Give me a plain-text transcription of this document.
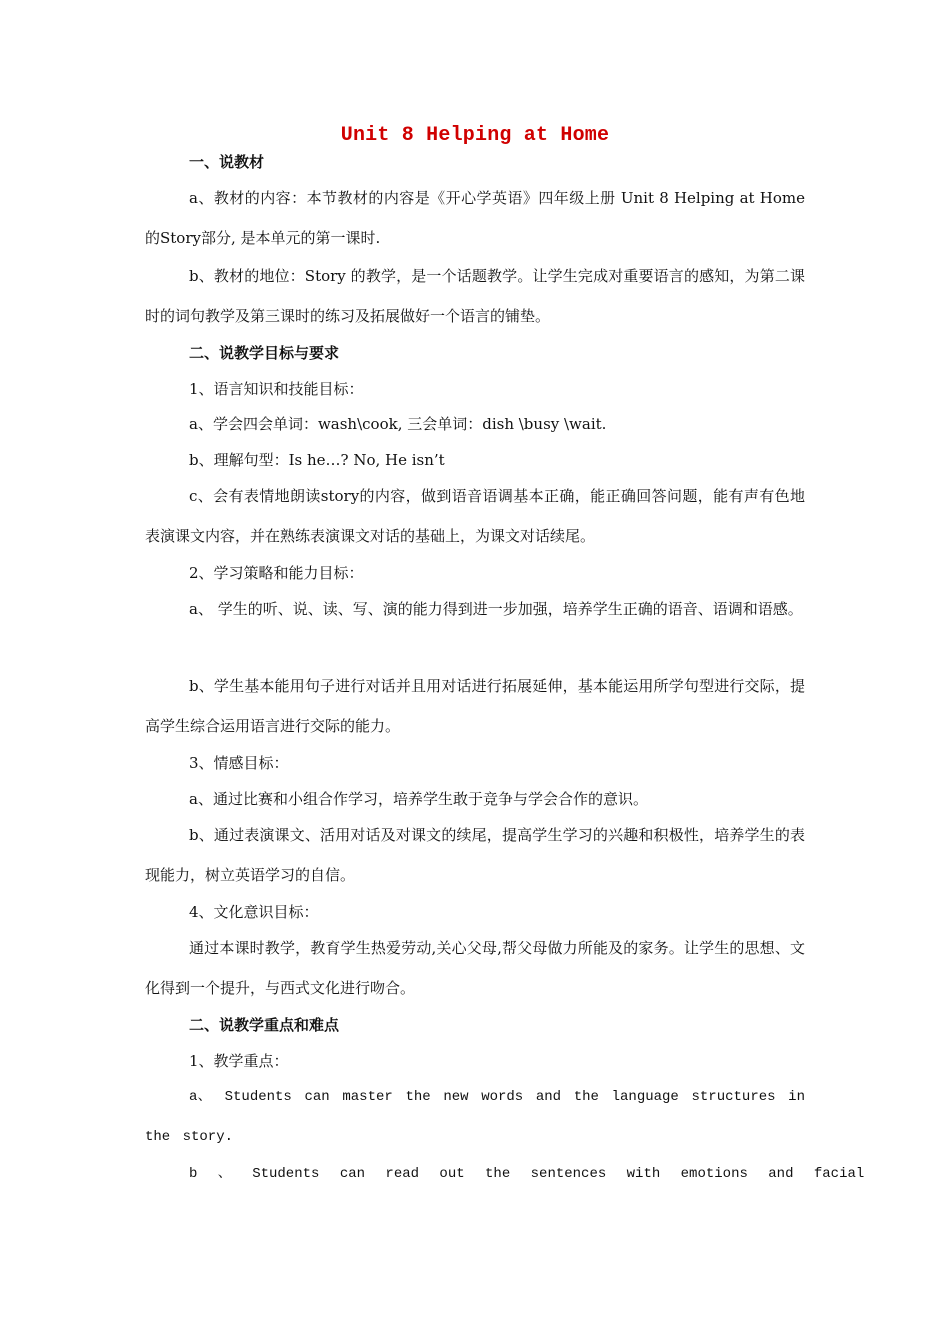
Unit 8 Helping at Home

一、说教材

a、教材的内容：本节教材的内容是《开心学英语》四年级上册 Unit 8 Helping at Home的Story部分, 是本单元的第一课时.

b、教材的地位：Story 的教学，是一个话题教学。让学生完成对重要语言的感知，为第二课时的词句教学及第三课时的练习及拓展做好一个语言的铺垫。

二、说教学目标与要求

1、语言知识和技能目标：

a、学会四会单词：wash\cook, 三会单词：dish \busy \wait.

b、理解句型：Is he…? No, He isn’t

c、会有表情地朗读story的内容，做到语音语调基本正确，能正确回答问题，能有声有色地表演课文内容，并在熟练表演课文对话的基础上，为课文对话续尾。

2、学习策略和能力目标：

a、 学生的听、说、读、写、演的能力得到进一步加强，培养学生正确的语音、语调和语感。

b、学生基本能用句子进行对话并且用对话进行拓展延伸，基本能运用所学句型进行交际，提高学生综合运用语言进行交际的能力。

3、情感目标：

a、通过比赛和小组合作学习，培养学生敢于竞争与学会合作的意识。

b、通过表演课文、活用对话及对课文的续尾，提高学生学习的兴趣和积极性，培养学生的表现能力，树立英语学习的自信。

4、文化意识目标：

通过本课时教学，教育学生热爱劳动,关心父母,帮父母做力所能及的家务。让学生的思想、文化得到一个提升，与西式文化进行吻合。

二、说教学重点和难点

1、教学重点：

a、 Students can master the new words and the language structures in the story.

b 、 Students can read out the sentences with emotions and facial
